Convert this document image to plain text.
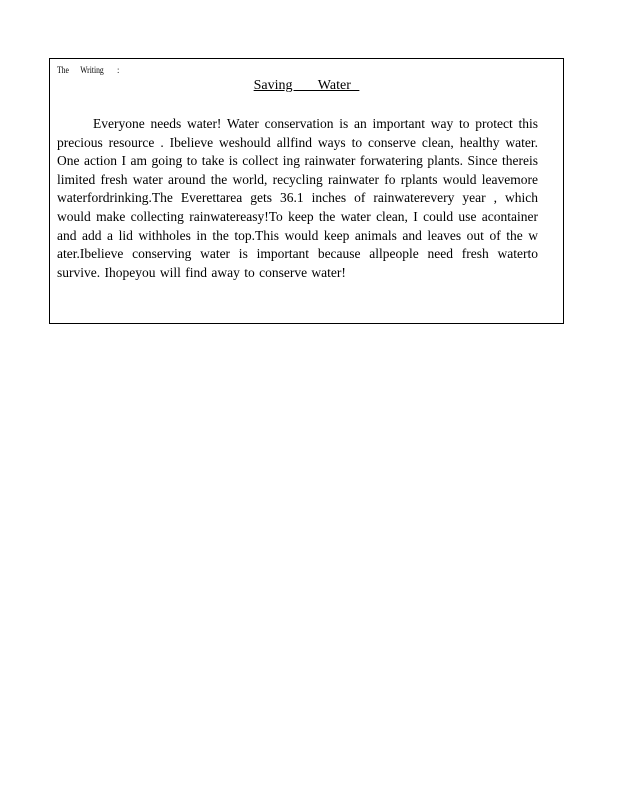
The      Writing       :
Saving   Water

Everyone needs water! Water conservation is an important way to protect this precious resource . Ibelieve weshould allfind ways to conserve clean, healthy water. One action I am going to take is collect ing rainwater forwatering plants. Since thereis limited fresh water around the world, recycling rainwater fo rplants would leavemore waterfordrinking.The Everettarea gets 36.1 inches of rainwaterevery year , which would make collecting rainwatereasy!To keep the water clean, I could use acontainer and add a lid withholes in the top.This would keep animals and leaves out of the w ater.Ibelieve conserving water is important because allpeople need fresh waterto survive. Ihopeyou will find away to conserve water!
